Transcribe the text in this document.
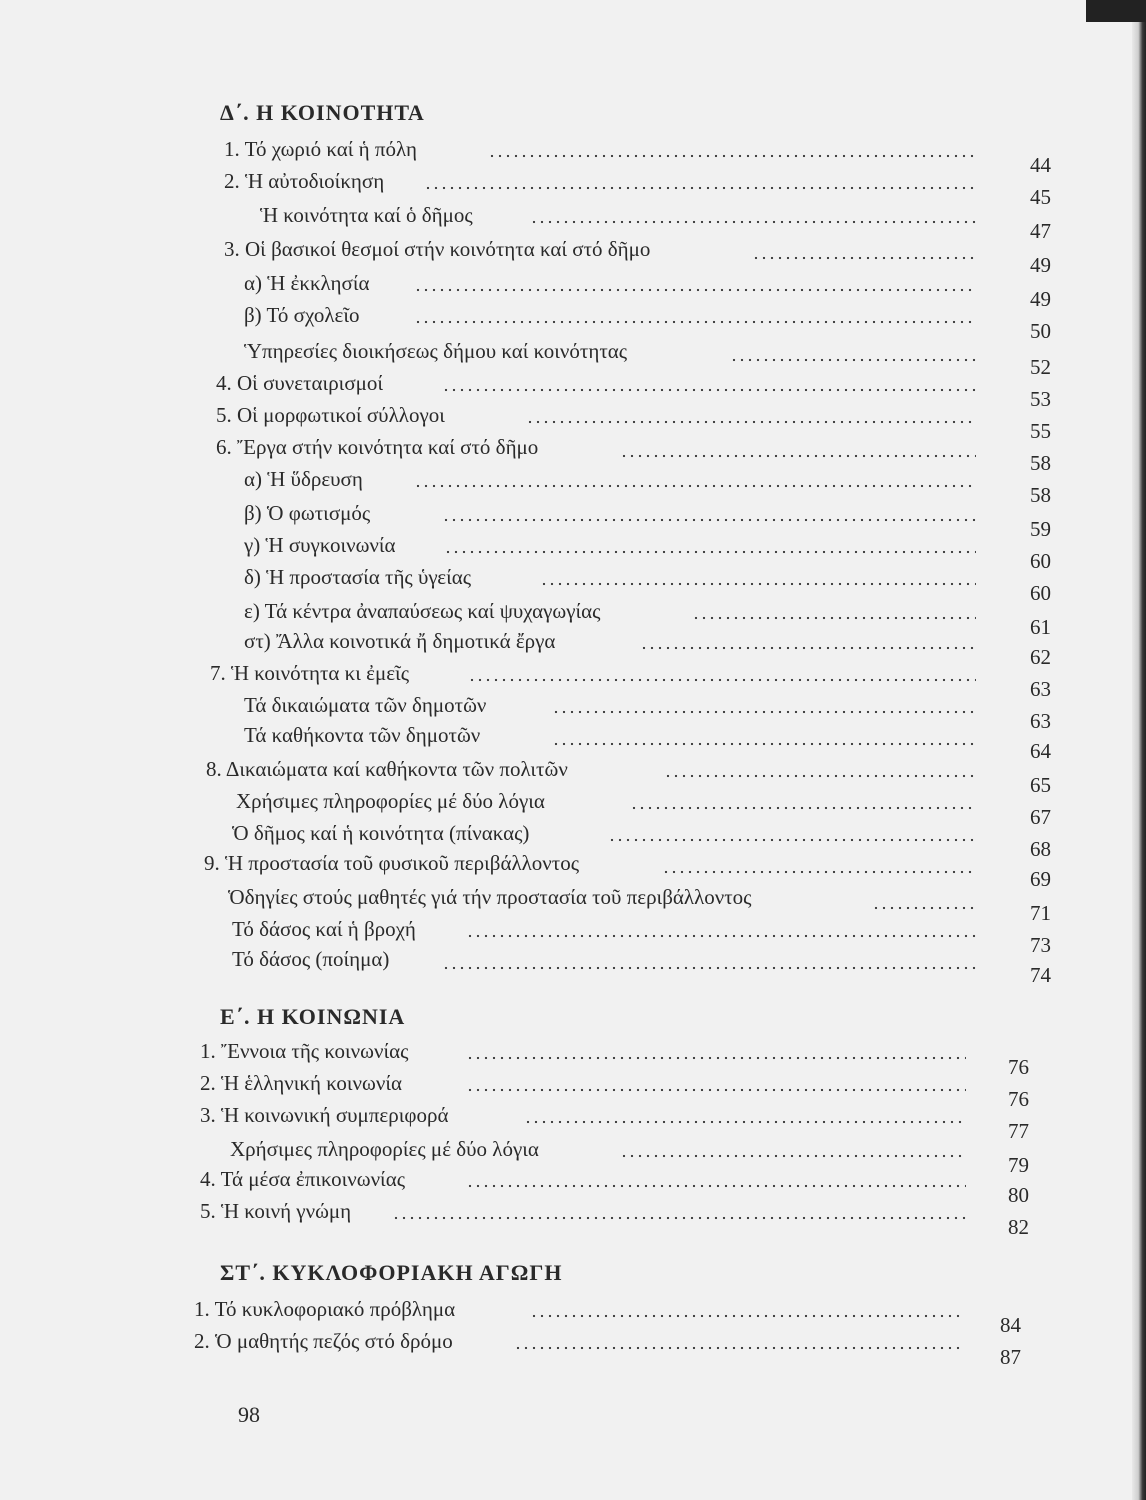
Δ΄. Η ΚΟΙΝΟΤΗΤΑ
1. Τό χωριό καί ἡ πόλη
44
2. Ἡ αὐτοδιοίκηση
45
Ἡ κοινότητα καί ὁ δῆμος
47
3. Οἱ βασικοί θεσμοί στήν κοινότητα καί στό δῆμο
49
α) Ἡ ἐκκλησία
49
β) Τό σχολεῖο
50
Ὑπηρεσίες διοικήσεως δήμου καί κοινότητας
52
4. Οἱ συνεταιρισμοί
53
5. Οἱ μορφωτικοί σύλλογοι
55
6. Ἔργα στήν κοινότητα καί στό δῆμο
58
α) Ἡ ὕδρευση
58
β) Ὁ φωτισμός
59
γ) Ἡ συγκοινωνία
60
δ) Ἡ προστασία τῆς ὑγείας
60
ε) Τά κέντρα ἀναπαύσεως καί ψυχαγωγίας
61
στ) Ἄλλα κοινοτικά ἤ δημοτικά ἔργα
62
7. Ἡ κοινότητα κι ἐμεῖς
63
Τά δικαιώματα τῶν δημοτῶν
63
Τά καθήκοντα τῶν δημοτῶν
64
8. Δικαιώματα καί καθήκοντα τῶν πολιτῶν
65
Χρήσιμες πληροφορίες μέ δύο λόγια
67
Ὁ δῆμος καί ἡ κοινότητα (πίνακας)
68
9. Ἡ προστασία τοῦ φυσικοῦ περιβάλλοντος
69
Ὁδηγίες στούς μαθητές γιά τήν προστασία τοῦ περιβάλλοντος
71
Τό δάσος καί ἡ βροχή
73
Τό δάσος (ποίημα)
74
Ε΄. Η ΚΟΙΝΩΝΙΑ
1. Ἔννοια τῆς κοινωνίας
76
2. Ἡ ἑλληνική κοινωνία
76
3. Ἡ κοινωνική συμπεριφορά
77
Χρήσιμες πληροφορίες μέ δύο λόγια
79
4. Τά μέσα ἐπικοινωνίας
80
5. Ἡ κοινή γνώμη
82
ΣΤ΄. ΚΥΚΛΟΦΟΡΙΑΚΗ ΑΓΩΓΗ
1. Τό κυκλοφοριακό πρόβλημα
84
2. Ὁ μαθητής πεζός στό δρόμο
87
98
